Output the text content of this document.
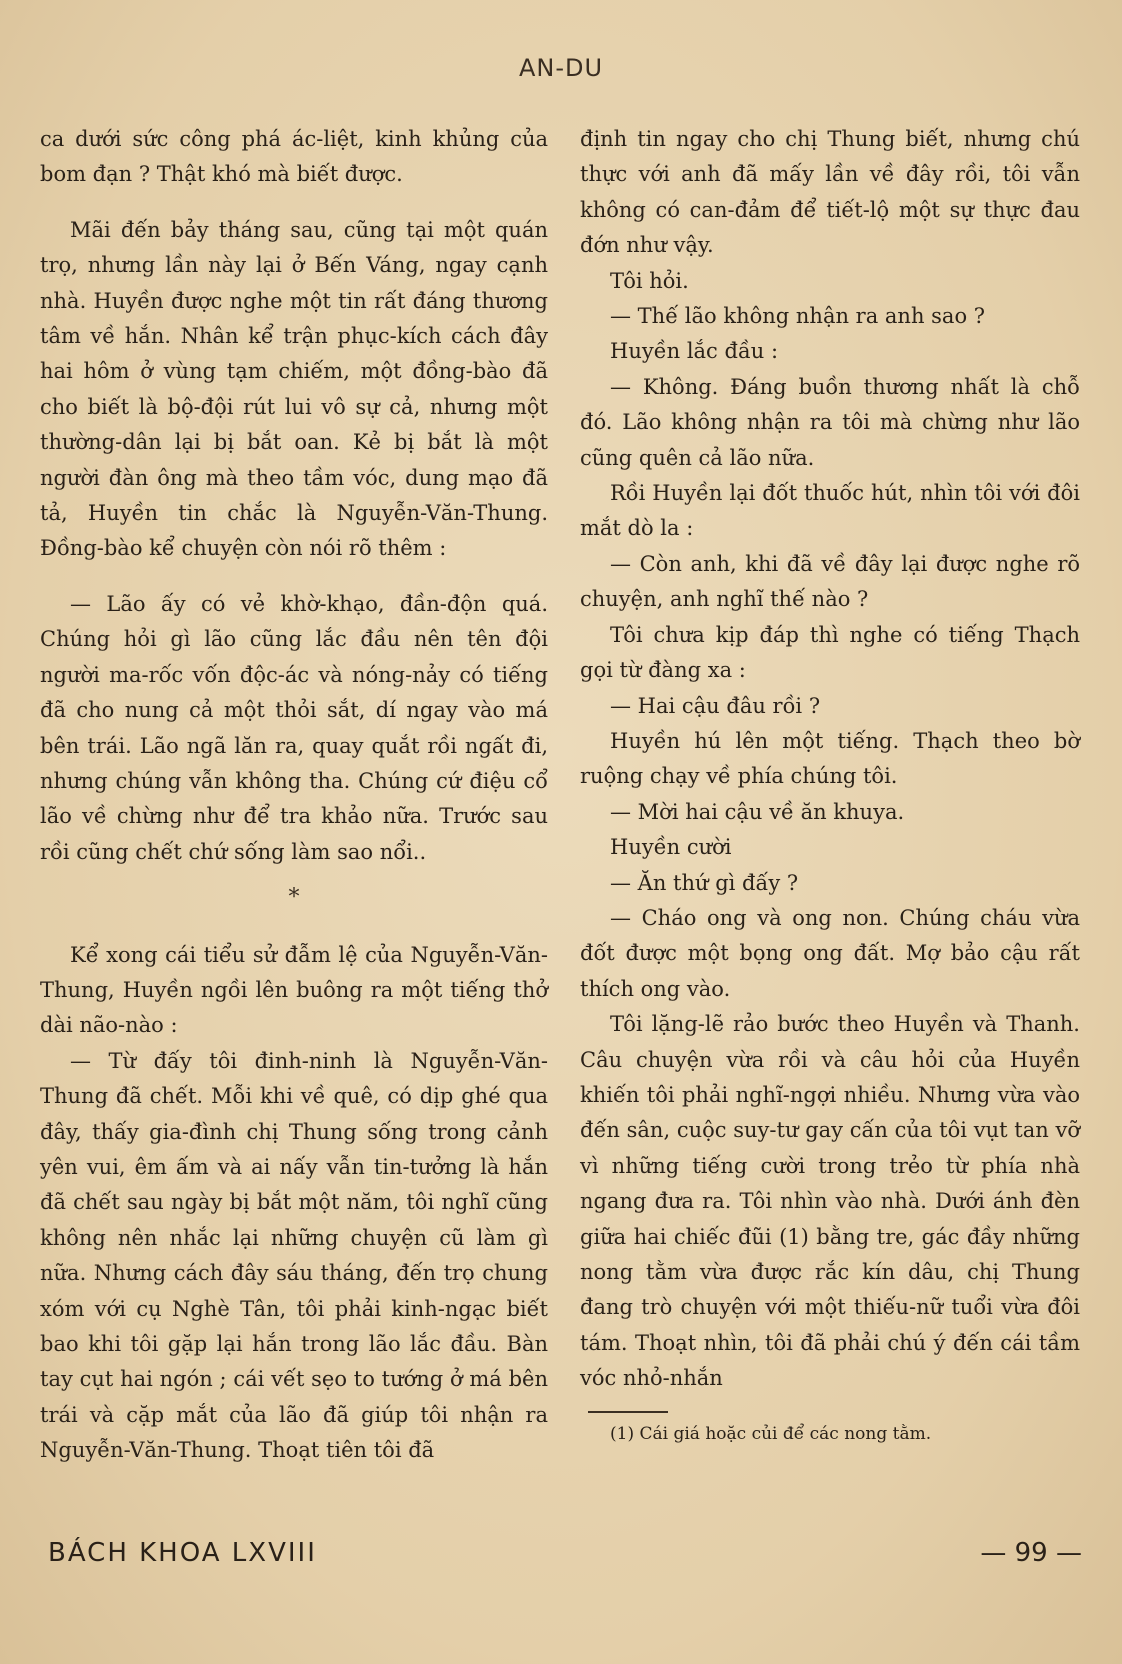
AN-DU

ca dưới sức công phá ác-liệt, kinh khủng của bom đạn ? Thật khó mà biết được.

Mãi đến bảy tháng sau, cũng tại một quán trọ, nhưng lần này lại ở Bến Váng, ngay cạnh nhà. Huyền được nghe một tin rất đáng thương tâm về hắn. Nhân kể trận phục-kích cách đây hai hôm ở vùng tạm chiếm, một đồng-bào đã cho biết là bộ-đội rút lui vô sự cả, nhưng một thường-dân lại bị bắt oan. Kẻ bị bắt là một người đàn ông mà theo tầm vóc, dung mạo đã tả, Huyền tin chắc là Nguyễn-Văn-Thung. Đồng-bào kể chuyện còn nói rõ thêm :

— Lão ấy có vẻ khờ-khạo, đần-độn quá. Chúng hỏi gì lão cũng lắc đầu nên tên đội người ma-rốc vốn độc-ác và nóng-nảy có tiếng đã cho nung cả một thỏi sắt, dí ngay vào má bên trái. Lão ngã lăn ra, quay quắt rồi ngất đi, nhưng chúng vẫn không tha. Chúng cứ điệu cổ lão về chừng như để tra khảo nữa. Trước sau rồi cũng chết chứ sống làm sao nổi..

*

Kể xong cái tiểu sử đẫm lệ của Nguyễn-Văn-Thung, Huyền ngồi lên buông ra một tiếng thở dài não-nào :

— Từ đấy tôi đinh-ninh là Nguyễn-Văn-Thung đã chết. Mỗi khi về quê, có dịp ghé qua đây, thấy gia-đình chị Thung sống trong cảnh yên vui, êm ấm và ai nấy vẫn tin-tưởng là hắn đã chết sau ngày bị bắt một năm, tôi nghĩ cũng không nên nhắc lại những chuyện cũ làm gì nữa. Nhưng cách đây sáu tháng, đến trọ chung xóm với cụ Nghè Tân, tôi phải kinh-ngạc biết bao khi tôi gặp lại hắn trong lão lắc đầu. Bàn tay cụt hai ngón ; cái vết sẹo to tướng ở má bên trái và cặp mắt của lão đã giúp tôi nhận ra Nguyễn-Văn-Thung. Thoạt tiên tôi đã

định tin ngay cho chị Thung biết, nhưng chú thực với anh đã mấy lần về đây rồi, tôi vẫn không có can-đảm để tiết-lộ một sự thực đau đớn như vậy.

Tôi hỏi.

— Thế lão không nhận ra anh sao ?

Huyền lắc đầu :

— Không. Đáng buồn thương nhất là chỗ đó. Lão không nhận ra tôi mà chừng như lão cũng quên cả lão nữa.

Rồi Huyền lại đốt thuốc hút, nhìn tôi với đôi mắt dò la :

— Còn anh, khi đã về đây lại được nghe rõ chuyện, anh nghĩ thế nào ?

Tôi chưa kịp đáp thì nghe có tiếng Thạch gọi từ đàng xa :

— Hai cậu đâu rồi ?

Huyền hú lên một tiếng. Thạch theo bờ ruộng chạy về phía chúng tôi.

— Mời hai cậu về ăn khuya.

Huyền cười

— Ăn thứ gì đấy ?

— Cháo ong và ong non. Chúng cháu vừa đốt được một bọng ong đất. Mợ bảo cậu rất thích ong vào.

Tôi lặng-lẽ rảo bước theo Huyền và Thanh. Câu chuyện vừa rồi và câu hỏi của Huyền khiến tôi phải nghĩ-ngợi nhiều. Nhưng vừa vào đến sân, cuộc suy-tư gay cấn của tôi vụt tan vỡ vì những tiếng cười trong trẻo từ phía nhà ngang đưa ra. Tôi nhìn vào nhà. Dưới ánh đèn giữa hai chiếc đũi (1) bằng tre, gác đầy những nong tằm vừa được rắc kín dâu, chị Thung đang trò chuyện với một thiếu-nữ tuổi vừa đôi tám. Thoạt nhìn, tôi đã phải chú ý đến cái tầm vóc nhỏ-nhắn

(1) Cái giá hoặc củi để các nong tằm.
BÁCH KHOA LXVIII	— 99 —
